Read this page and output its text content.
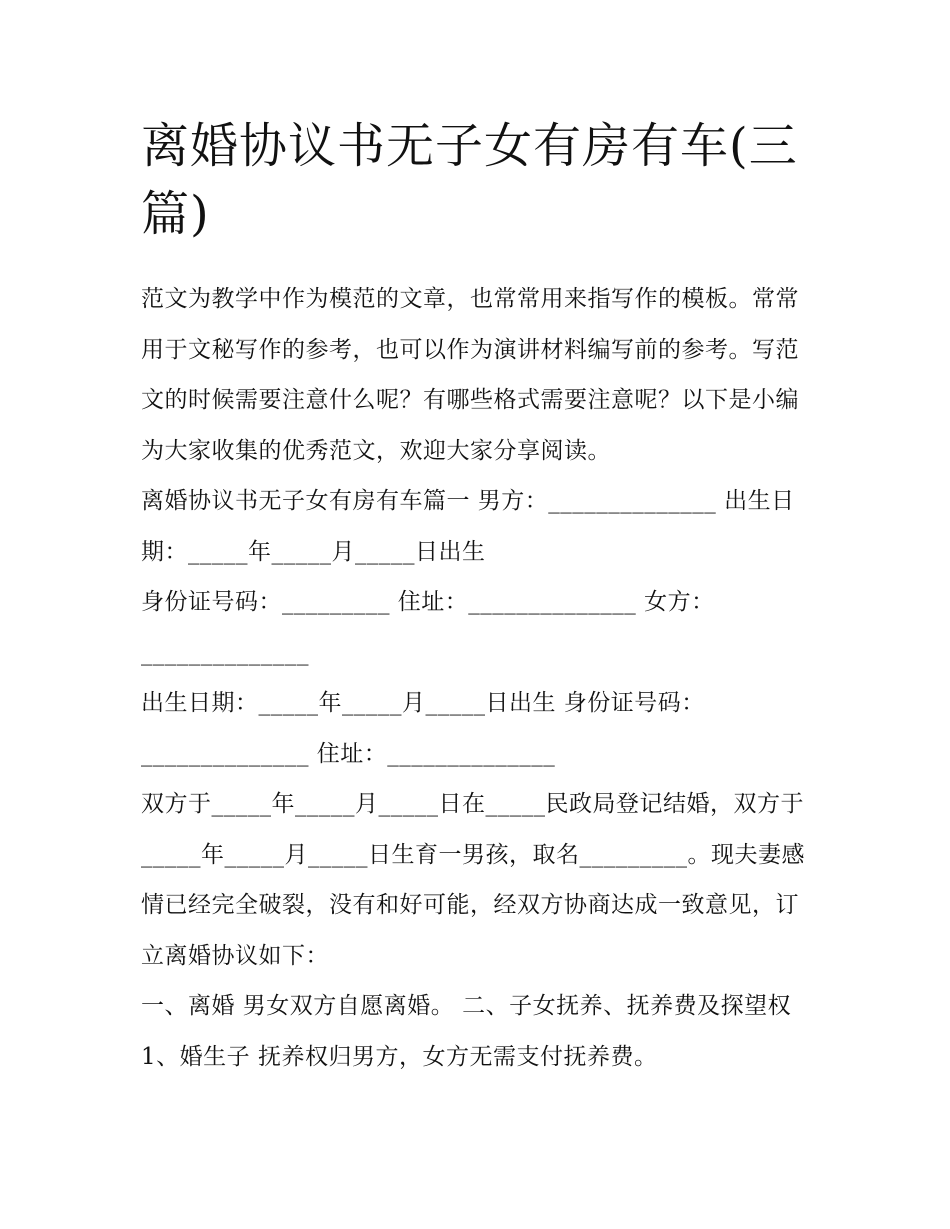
离婚协议书无子女有房有车(三篇)

范文为教学中作为模范的文章，也常常用来指写作的模板。常常用于文秘写作的参考，也可以作为演讲材料编写前的参考。写范文的时候需要注意什么呢？有哪些格式需要注意呢？以下是小编为大家收集的优秀范文，欢迎大家分享阅读。

离婚协议书无子女有房有车篇一 男方：______________ 出生日期：_____年_____月_____日出生

身份证号码：_________ 住址：______________ 女方：______________

出生日期：_____年_____月_____日出生 身份证号码：______________ 住址：______________

双方于_____年_____月_____日在_____民政局登记结婚，双方于_____年_____月_____日生育一男孩，取名_________。现夫妻感情已经完全破裂，没有和好可能，经双方协商达成一致意见，订立离婚协议如下：

一、离婚 男女双方自愿离婚。 二、子女抚养、抚养费及探望权 1、婚生子 抚养权归男方，女方无需支付抚养费。
